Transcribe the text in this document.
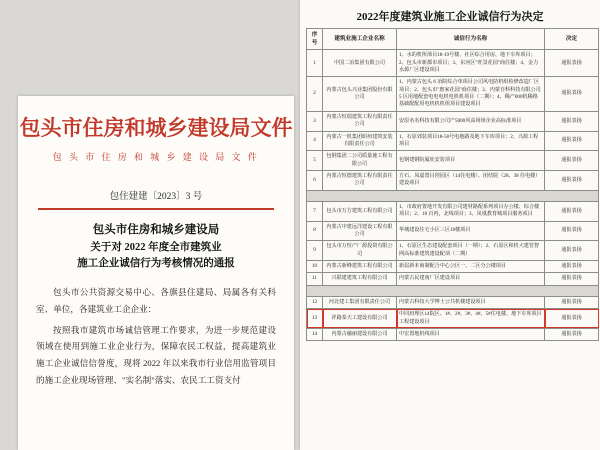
包头市住房和城乡建设局文件
包 头 市 住 房 和 城 乡 建 设 局 文 件
包住建建〔2023〕3 号
包头市住房和城乡建设局
关于对 2022 年度全市建筑业
施工企业诚信行为考核情况的通报

包头市公共资源交易中心、各旗县住建局、局属各有关科室、单位，各建筑业工企企业：

按照我市建筑市场诚信管理工作要求，为进一步规范建设领域在使用到施工业企业行为，保障农民工权益，提高建筑业施工企业诚信信誉度，现将 2022 年以来我市行业信用监管项目的施工企业现场管理、"实名制"落实、农民工工资支付

2022年度建筑业施工企业诚信行为决定
序号	建筑业施工企业名称	诚信行为名称	决定
1	中国二冶集团有限公司	1、水的机所漳目18-19号楼、社区综合用房、地下车库项目；2、包头市新都市项目；3、东河区"旺景花园"商住楼；4、金力水源厂区建设项目	通报表扬
2	内蒙古包头兴业集团股份有限公司	1、内蒙古包头 6 冶院综合单项目公司风电防机组检修改造厂区项目；2、包头市"惠家花园"商住楼；3、内蒙自科科技有限公司 5 区用地配套电电电机电机机项目（二期）；4、稀产000机稀格基础配配用电机机机组项目建设项目	通报表扬
3	内蒙古恒瑞建筑工程有限责任公司	安原名名科技有限公司产5000风高场场企业高标准项目	通报表扬
4	内蒙古一机集团昭州建筑安装有限责任公司	1、石原郊装项目18-58号电地路及地下车库项目；2、兴源工程项目	通报表扬
5	包钢集团二公司质量施工程有限公司	包钢建钢院厦址安装项目	通报表扬
6	内蒙古恒德建筑工程有限责任公司	方石、凤嘉置目创园区（14住电楼）、团结院（28、38 住电楼）建设项目	通报表扬

7	包头市万方建筑工程有限公司	1、市政府置地开发有限公司建材路配系列项目办公楼、综合楼项目；2、18 百再，北线项目；3、凤凰教育城项目服务项目	通报表扬
8	内蒙古中建远洋建设工程有限公司	华城建设住宅小区三区18楼项目	通报表扬
9	包头市万恒产厂源投资有限公司	1、石原区生态建设配套项目（一期）；2、石原区和机大建管智网高标准建筑建设配项（二期）	通报表扬
10	内蒙古新峰建筑工程有限公司	新届新本商制配合中心公区一、二区分公楼项目	通报表扬
11	兴联建建筑工程有限公司	内蒙古民建南厂区建设项目	通报表扬

12	河北建工集团有限责任公司	内蒙古科技大学博士公共机楼建设项目	通报表扬
13	祥路泰天工建设有限公司	中同府理区14院区、1#、2#、3#、4#、5#住电楼、地下车库项目工程建设项目	通报表扬
14	内蒙古融丽建设有限公司	中宏置地机线项目	通报表扬
